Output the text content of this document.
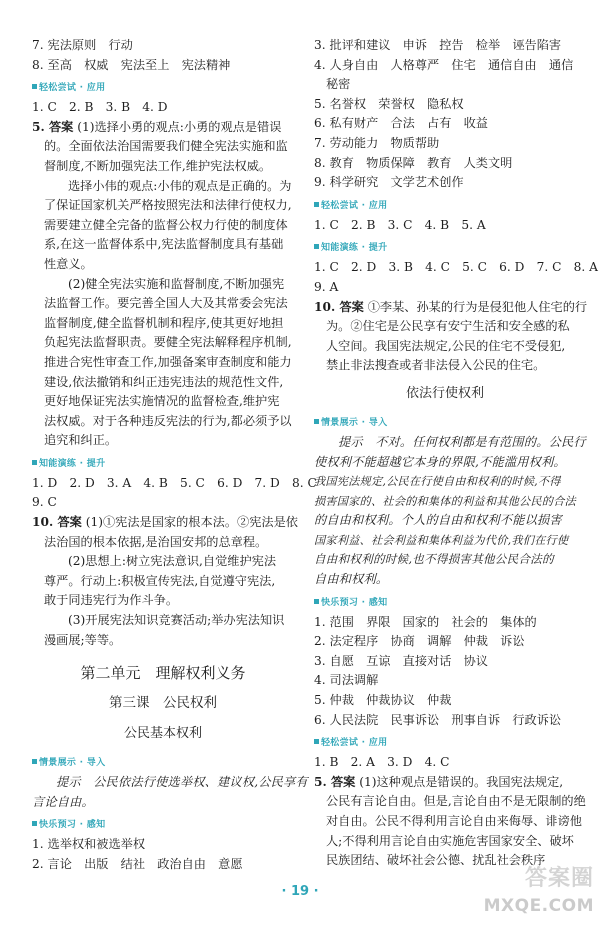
7. 宪法原则　行动
8. 至高　权威　宪法至上　宪法精神
轻松尝试 · 应用
1. C　2. B　3. B　4. D
5. 答案 (1)选择小勇的观点:小勇的观点是错误
的。全面依法治国需要我们健全宪法实施和监
督制度,不断加强宪法工作,维护宪法权威。
选择小伟的观点:小伟的观点是正确的。为
了保证国家机关严格按照宪法和法律行使权力,
需要建立健全完备的监督公权力行使的制度体
系,在这一监督体系中,宪法监督制度具有基础
性意义。
(2)健全宪法实施和监督制度,不断加强宪
法监督工作。要完善全国人大及其常委会宪法
监督制度,健全监督机制和程序,使其更好地担
负起宪法监督职责。要健全宪法解释程序机制,
推进合宪性审查工作,加强备案审查制度和能力
建设,依法撤销和纠正违宪违法的规范性文件,
更好地保证宪法实施情况的监督检查,维护宪
法权威。对于各种违反宪法的行为,都必须予以
追究和纠正。
知能演练 · 提升
1. D　2. D　3. A　4. B　5. C　6. D　7. D　8. C
9. C
10. 答案 (1)①宪法是国家的根本法。②宪法是依
法治国的根本依据,是治国安邦的总章程。
(2)思想上:树立宪法意识,自觉维护宪法
尊严。行动上:积极宣传宪法,自觉遵守宪法,
敢于同违宪行为作斗争。
(3)开展宪法知识竞赛活动;举办宪法知识
漫画展;等等。
第二单元　理解权利义务
第三课　公民权利
公民基本权利
情景展示 · 导入
提示　公民依法行使选举权、建议权,公民享有
言论自由。
快乐预习 · 感知
1. 选举权和被选举权
2. 言论　出版　结社　政治自由　意愿
3. 批评和建议　申诉　控告　检举　诬告陷害
4. 人身自由　人格尊严　住宅　通信自由　通信
秘密
5. 名誉权　荣誉权　隐私权
6. 私有财产　合法　占有　收益
7. 劳动能力　物质帮助
8. 教育　物质保障　教育　人类文明
9. 科学研究　文学艺术创作
轻松尝试 · 应用
1. C　2. B　3. C　4. B　5. A
知能演练 · 提升
1. C　2. D　3. B　4. C　5. C　6. D　7. C　8. A
9. A
10. 答案 ①李某、孙某的行为是侵犯他人住宅的行
为。②住宅是公民享有安宁生活和安全感的私
人空间。我国宪法规定,公民的住宅不受侵犯,
禁止非法搜查或者非法侵入公民的住宅。
依法行使权利
情景展示 · 导入
提示　不对。任何权利都是有范围的。公民行
使权利不能超越它本身的界限,不能滥用权利。
我国宪法规定,公民在行使自由和权利的时候,不得
损害国家的、社会的和集体的利益和其他公民的合法
的自由和权利。个人的自由和权利不能以损害
国家利益、社会利益和集体利益为代价,我们在行使
自由和权利的时候,也不得损害其他公民合法的
自由和权利。
快乐预习 · 感知
1. 范围　界限　国家的　社会的　集体的
2. 法定程序　协商　调解　仲裁　诉讼
3. 自愿　互谅　直接对话　协议
4. 司法调解
5. 仲裁　仲裁协议　仲裁
6. 人民法院　民事诉讼　刑事自诉　行政诉讼
轻松尝试 · 应用
1. B　2. A　3. D　4. C
5. 答案 (1)这种观点是错误的。我国宪法规定,
公民有言论自由。但是,言论自由不是无限制的绝
对自由。公民不得利用言论自由来侮辱、诽谤他
人;不得利用言论自由实施危害国家安全、破坏
民族团结、破坏社会公德、扰乱社会秩序
· 19 ·
答案圈
MXQE.COM
